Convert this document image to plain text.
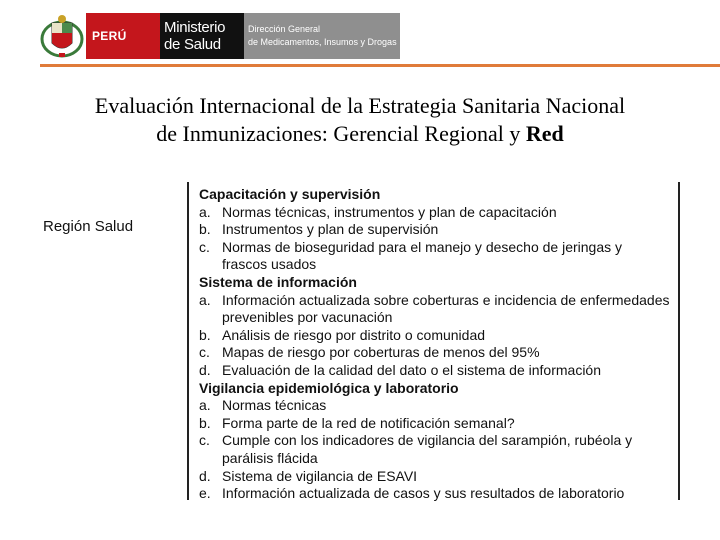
PERÚ Ministerio
de Salud
Dirección General
de Medicamentos, Insumos y Drogas
Evaluación Internacional de la Estrategia Sanitaria Nacional
de Inmunizaciones: Gerencial Regional y Red
Región Salud
Capacitación y supervisión
a. Normas técnicas, instrumentos y plan de capacitación
b. Instrumentos y plan de supervisión
c. Normas de bioseguridad para el manejo y desecho de jeringas y frascos usados
Sistema de información
a. Información actualizada sobre coberturas e incidencia de enfermedades prevenibles por vacunación
b. Análisis de riesgo por distrito o comunidad
c. Mapas de riesgo por coberturas de menos del 95%
d. Evaluación de la calidad del dato o el sistema de información
Vigilancia epidemiológica y laboratorio
a. Normas técnicas
b. Forma parte de la red de notificación semanal?
c. Cumple con los indicadores de vigilancia del sarampión, rubéola y parálisis flácida
d. Sistema de vigilancia de ESAVI
e. Información actualizada de casos y sus resultados de laboratorio
